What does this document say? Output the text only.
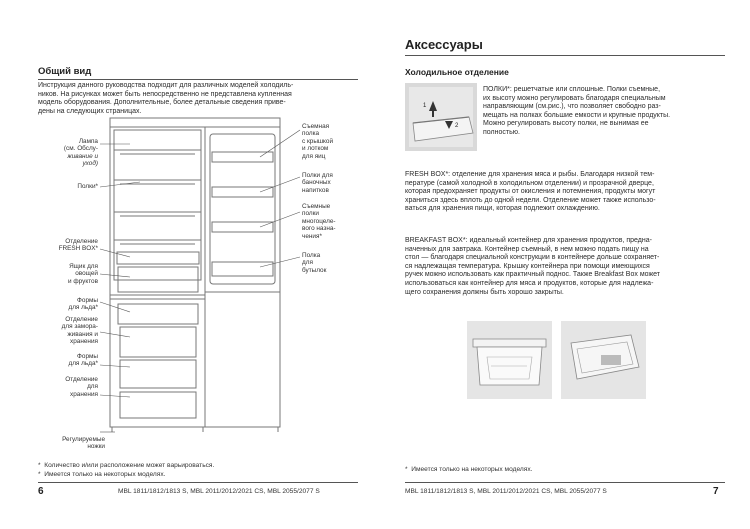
Общий вид
Инструкция данного руководства подходит для различных моделей холодиль-
ников. На рисунках может быть непосредственно не представлена купленная
модель оборудования. Дополнительные, более детальные сведения приве-
дены на следующих страницах.
Лампа
(см. Обслу-
живание и
уход)
Полки*
Отделение
FRESH BOX*
Ящик для
овощей
и фруктов
Формы
для льда*
Отделение
для замора-
живания и
хранения
Формы
для льда*
Отделение
для
хранения
Регулируемые
ножки
Съемная
полка
с крышкой
и лотком
для яиц
Полки для
баночных
напитков
Съемные
полки
многоцеле-
вого назна-
чения*
Полка
для
бутылок
*  Количество и/или расположение может варьироваться.
*  Имеется только на некоторых моделях.
6	MBL 1811/1812/1813 S, MBL 2011/2012/2021 CS, MBL 2055/2077 S
Аксессуары
Холодильное отделение
1
2
ПОЛКИ*: решетчатые или сплошные. Полки съемные,
их высоту можно регулировать благодаря специальным
направляющим (см.рис.), что позволяет свободно раз-
мещать на полках большие емкости и крупные продукты.
Можно регулировать высоту полки, не вынимая ее
полностью.
FRESH BOX*: отделение для хранения мяса и рыбы. Благодаря низкой тем-
пературе (самой холодной в холодильном отделении) и прозрачной дверце,
которая предохраняет продукты от окисления и потемнения, продукты могут
храниться здесь вплоть до одной недели. Отделение может также использо-
ваться для хранения пищи, которая подлежит охлаждению.
BREAKFAST BOX*: идеальный контейнер для хранения продуктов, предна-
наченных для завтрака. Контейнер съемный, в нем можно подать пищу на
стол — благодаря специальной конструкции в контейнере дольше сохраняет-
ся надлежащая температура. Крышку контейнера при помощи имеющихся
ручек можно использовать как практичный поднос. Также Breakfast Box может
использоваться как контейнер для мяса и продуктов, которые для надлежа-
щего сохранения должны быть хорошо закрыты.
*  Имеется только на некоторых моделях.
MBL 1811/1812/1813 S, MBL 2011/2012/2021 CS, MBL 2055/2077 S	7
